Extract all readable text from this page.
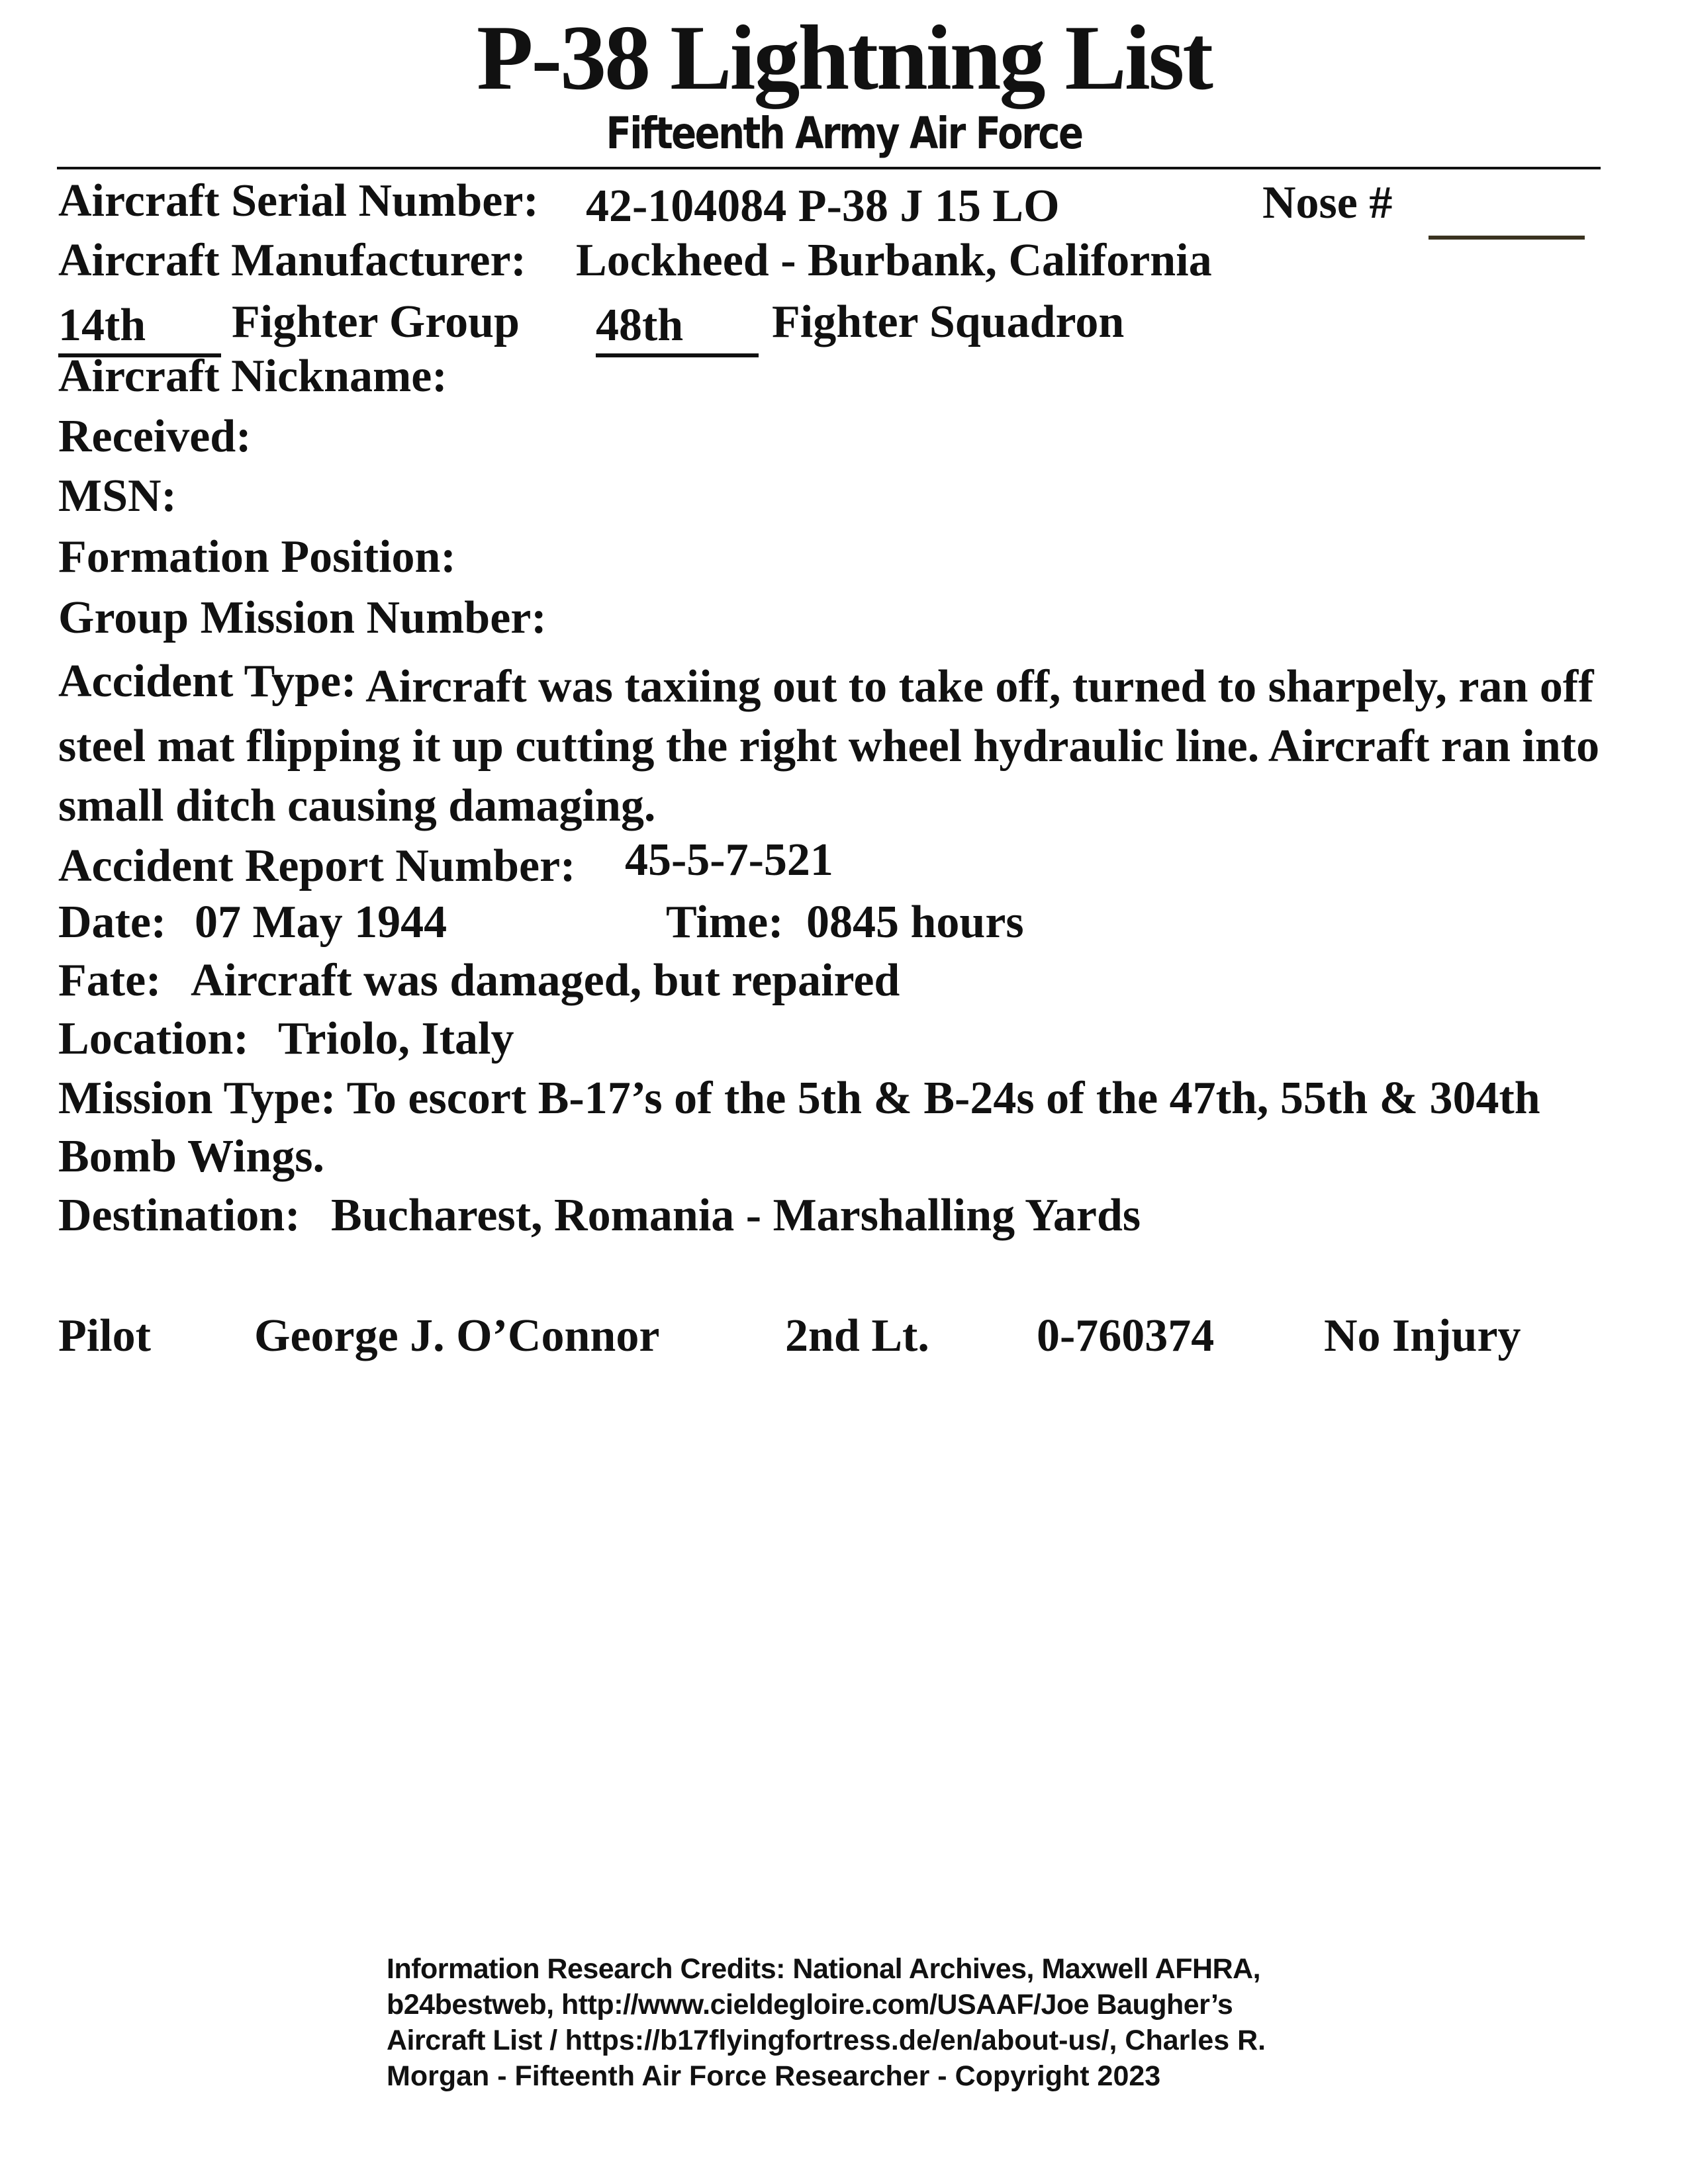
P-38 Lightning List
Fifteenth Army Air Force
Aircraft Serial Number: 42-104084 P-38 J 15 LO	Nose #
Aircraft Manufacturer: Lockheed - Burbank, California
14th	Fighter Group 48th	Fighter Squadron
Aircraft Nickname:
Received:
MSN:
Formation Position:
Group Mission Number:
Accident Type: Aircraft was taxiing out to take off, turned to sharpely, ran off steel mat flipping it up cutting the right wheel hydraulic line. Aircraft ran into small ditch causing damaging.
Accident Report Number: 45-5-7-521
Date: 07 May 1944	Time: 0845 hours
Fate: Aircraft was damaged, but repaired
Location: Triolo, Italy
Mission Type: To escort B-17’s of the 5th & B-24s of the 47th, 55th & 304th Bomb Wings.
Destination: Bucharest, Romania - Marshalling Yards
Pilot George J. O’Connor	2nd Lt. 0-760374 No Injury
Information Research Credits: National Archives, Maxwell AFHRA,
b24bestweb, http://www.cieldegloire.com/USAAF/Joe Baugher’s
Aircraft List / https://b17flyingfortress.de/en/about-us/, Charles R.
Morgan - Fifteenth Air Force Researcher - Copyright 2023
